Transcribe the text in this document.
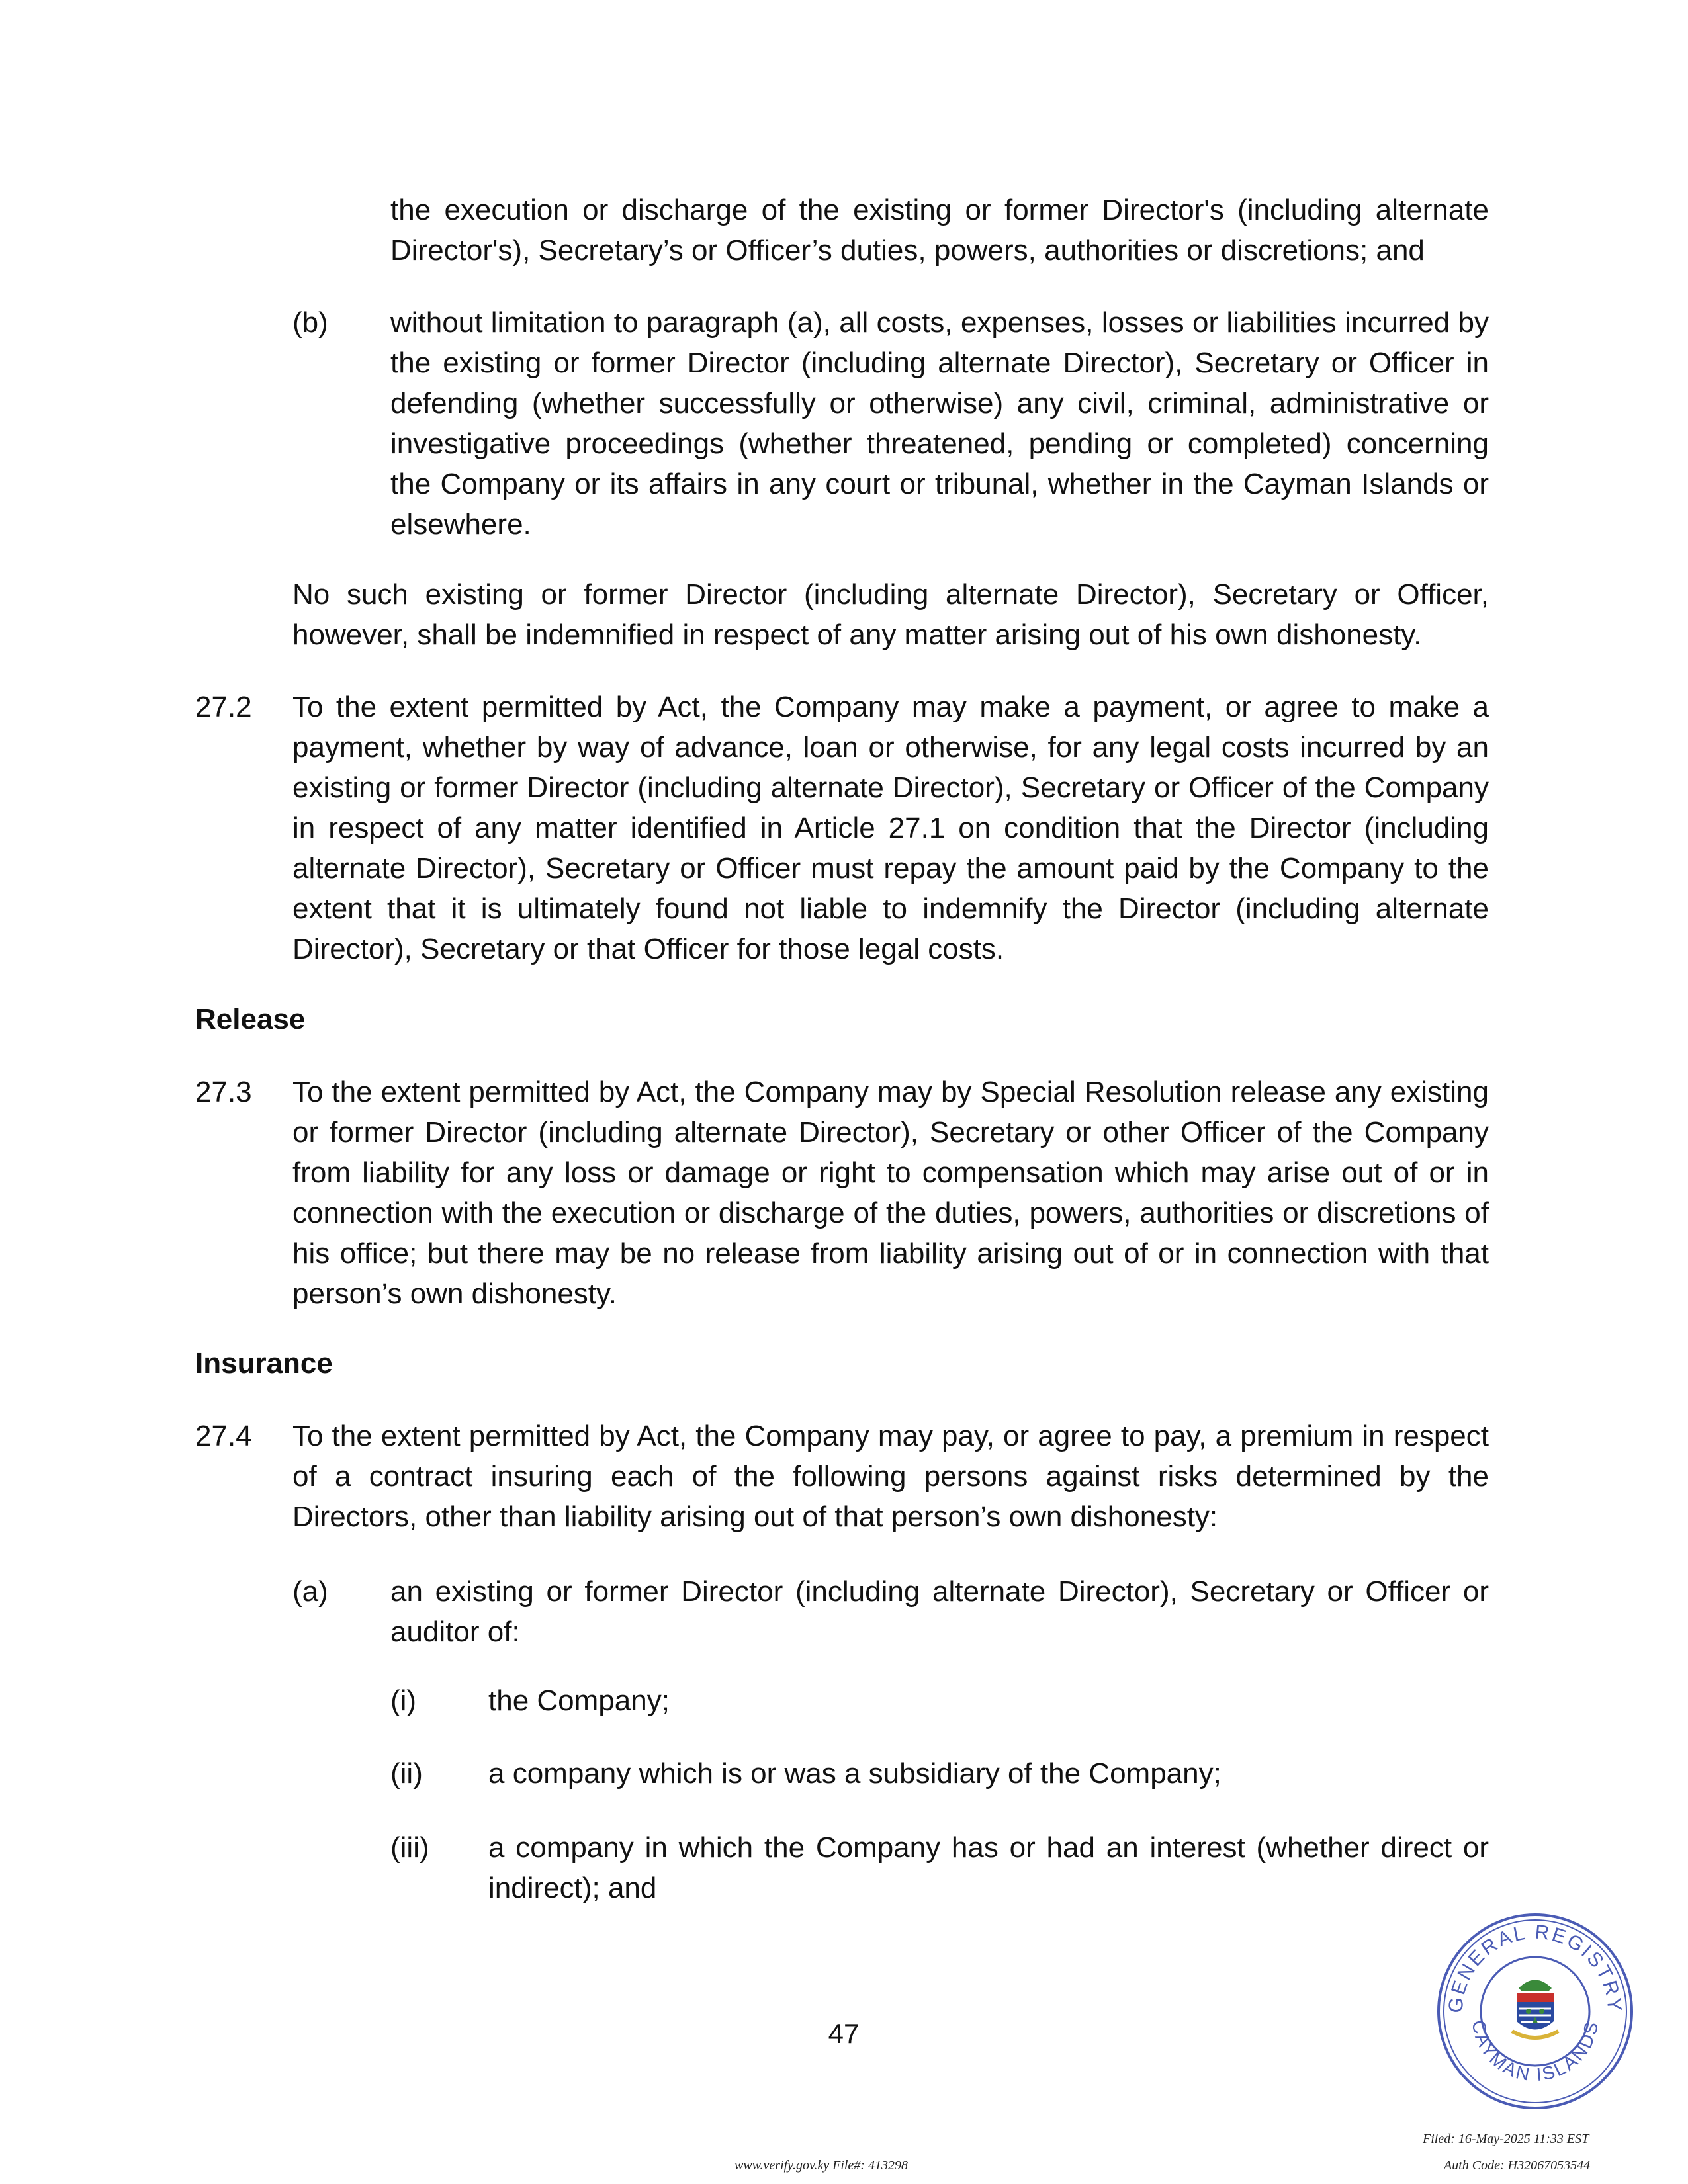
the execution or discharge of the existing or former Director's (including alternate Director's), Secretary’s or Officer’s duties, powers, authorities or discretions; and

(b) without limitation to paragraph (a), all costs, expenses, losses or liabilities incurred by the existing or former Director (including alternate Director), Secretary or Officer in defending (whether successfully or otherwise) any civil, criminal, administrative or investigative proceedings (whether threatened, pending or completed) concerning the Company or its affairs in any court or tribunal, whether in the Cayman Islands or elsewhere.

No such existing or former Director (including alternate Director), Secretary or Officer, however, shall be indemnified in respect of any matter arising out of his own dishonesty.

27.2 To the extent permitted by Act, the Company may make a payment, or agree to make a payment, whether by way of advance, loan or otherwise, for any legal costs incurred by an existing or former Director (including alternate Director), Secretary or Officer of the Company in respect of any matter identified in Article 27.1 on condition that the Director (including alternate Director), Secretary or Officer must repay the amount paid by the Company to the extent that it is ultimately found not liable to indemnify the Director (including alternate Director), Secretary or that Officer for those legal costs.

Release
27.3 To the extent permitted by Act, the Company may by Special Resolution release any existing or former Director (including alternate Director), Secretary or other Officer of the Company from liability for any loss or damage or right to compensation which may arise out of or in connection with the execution or discharge of the duties, powers, authorities or discretions of his office; but there may be no release from liability arising out of or in connection with that person’s own dishonesty.

Insurance
27.4 To the extent permitted by Act, the Company may pay, or agree to pay, a premium in respect of a contract insuring each of the following persons against risks determined by the Directors, other than liability arising out of that person’s own dishonesty:

(a) an existing or former Director (including alternate Director), Secretary or Officer or auditor of:

(i) the Company;

(ii) a company which is or was a subsidiary of the Company;

(iii) a company in which the Company has or had an interest (whether direct or indirect); and

47
GENERAL REGISTRY
CAYMAN ISLANDS
www.verify.gov.ky File#: 413298
Filed: 16-May-2025 11:33 EST
Auth Code: H32067053544
